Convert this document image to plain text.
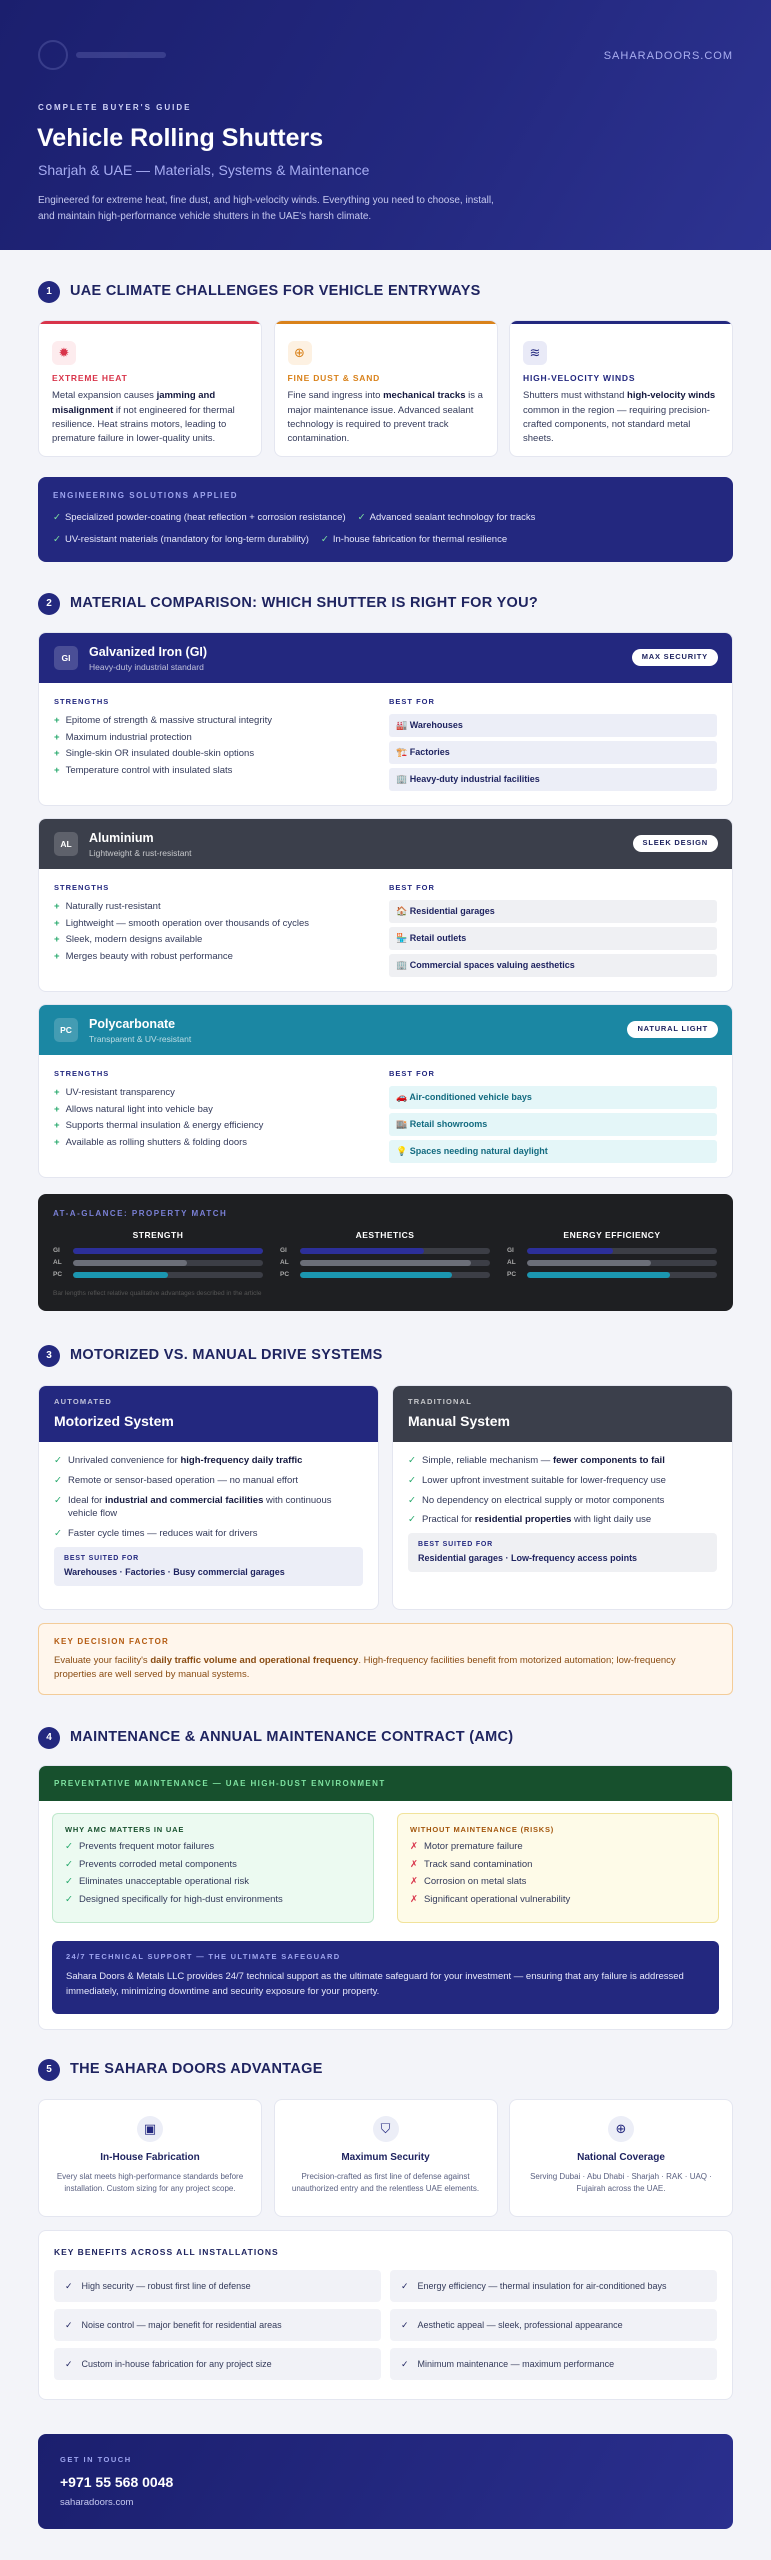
SAHARADOORS.COM
COMPLETE BUYER'S GUIDE
Vehicle Rolling Shutters
Sharjah & UAE — Materials, Systems & Maintenance
Engineered for extreme heat, fine dust, and high-velocity winds. Everything you need to choose, install, and maintain high-performance vehicle shutters in the UAE's harsh climate.
1	UAE CLIMATE CHALLENGES FOR VEHICLE ENTRYWAYS
✹
EXTREME HEAT
Metal expansion causes jamming and misalignment if not engineered for thermal resilience. Heat strains motors, leading to premature failure in lower-quality units.
⊕
FINE DUST & SAND
Fine sand ingress into mechanical tracks is a major maintenance issue. Advanced sealant technology is required to prevent track contamination.
≋
HIGH-VELOCITY WINDS
Shutters must withstand high-velocity winds common in the region — requiring precision-crafted components, not standard metal sheets.
ENGINEERING SOLUTIONS APPLIED
✓ Specialized powder-coating (heat reflection + corrosion resistance) ✓ Advanced sealant technology for tracks
✓ UV-resistant materials (mandatory for long-term durability) ✓ In-house fabrication for thermal resilience
2	MATERIAL COMPARISON: WHICH SHUTTER IS RIGHT FOR YOU?
GI	Galvanized Iron (GI)
Heavy-duty industrial standard
MAX SECURITY
STRENGTHS
+ Epitome of strength & massive structural integrity
+ Maximum industrial protection
+ Single-skin OR insulated double-skin options
+ Temperature control with insulated slats
BEST FOR
🏭 Warehouses
🏗️ Factories
🏢 Heavy-duty industrial facilities
AL	Aluminium
Lightweight & rust-resistant
SLEEK DESIGN
STRENGTHS
+ Naturally rust-resistant
+ Lightweight — smooth operation over thousands of cycles
+ Sleek, modern designs available
+ Merges beauty with robust performance
BEST FOR
🏠 Residential garages
🏪 Retail outlets
🏢 Commercial spaces valuing aesthetics
PC	Polycarbonate
Transparent & UV-resistant
NATURAL LIGHT
STRENGTHS
+ UV-resistant transparency
+ Allows natural light into vehicle bay
+ Supports thermal insulation & energy efficiency
+ Available as rolling shutters & folding doors
BEST FOR
🚗 Air-conditioned vehicle bays
🏬 Retail showrooms
💡 Spaces needing natural daylight
AT-A-GLANCE: PROPERTY MATCH
STRENGTH
GI
AL
PC
AESTHETICS
GI
AL
PC
ENERGY EFFICIENCY
GI
AL
PC
Bar lengths reflect relative qualitative advantages described in the article
3	MOTORIZED VS. MANUAL DRIVE SYSTEMS
AUTOMATED
Motorized System
✓ Unrivaled convenience for high-frequency daily traffic
✓ Remote or sensor-based operation — no manual effort
✓ Ideal for industrial and commercial facilities with continuous vehicle flow
✓ Faster cycle times — reduces wait for drivers
BEST SUITED FOR
Warehouses · Factories · Busy commercial garages
TRADITIONAL
Manual System
✓ Simple, reliable mechanism — fewer components to fail
✓ Lower upfront investment suitable for lower-frequency use
✓ No dependency on electrical supply or motor components
✓ Practical for residential properties with light daily use
BEST SUITED FOR
Residential garages · Low-frequency access points
KEY DECISION FACTOR
Evaluate your facility's daily traffic volume and operational frequency. High-frequency facilities benefit from motorized automation; low-frequency properties are well served by manual systems.
4	MAINTENANCE & ANNUAL MAINTENANCE CONTRACT (AMC)
PREVENTATIVE MAINTENANCE — UAE HIGH-DUST ENVIRONMENT
WHY AMC MATTERS IN UAE
✓ Prevents frequent motor failures
✓ Prevents corroded metal components
✓ Eliminates unacceptable operational risk
✓ Designed specifically for high-dust environments
WITHOUT MAINTENANCE (RISKS)
✗ Motor premature failure
✗ Track sand contamination
✗ Corrosion on metal slats
✗ Significant operational vulnerability
24/7 TECHNICAL SUPPORT — THE ULTIMATE SAFEGUARD
Sahara Doors & Metals LLC provides 24/7 technical support as the ultimate safeguard for your investment — ensuring that any failure is addressed immediately, minimizing downtime and security exposure for your property.
5	THE SAHARA DOORS ADVANTAGE
▣
In-House Fabrication
Every slat meets high-performance standards before installation. Custom sizing for any project scope.
⛉
Maximum Security
Precision-crafted as first line of defense against unauthorized entry and the relentless UAE elements.
⊕
National Coverage
Serving Dubai · Abu Dhabi · Sharjah · RAK · UAQ · Fujairah across the UAE.
KEY BENEFITS ACROSS ALL INSTALLATIONS
✓ High security — robust first line of defense	✓ Energy efficiency — thermal insulation for air-conditioned bays
✓ Noise control — major benefit for residential areas	✓ Aesthetic appeal — sleek, professional appearance
✓ Custom in-house fabrication for any project size	✓ Minimum maintenance — maximum performance
GET IN TOUCH
+971 55 568 0048
saharadoors.com
